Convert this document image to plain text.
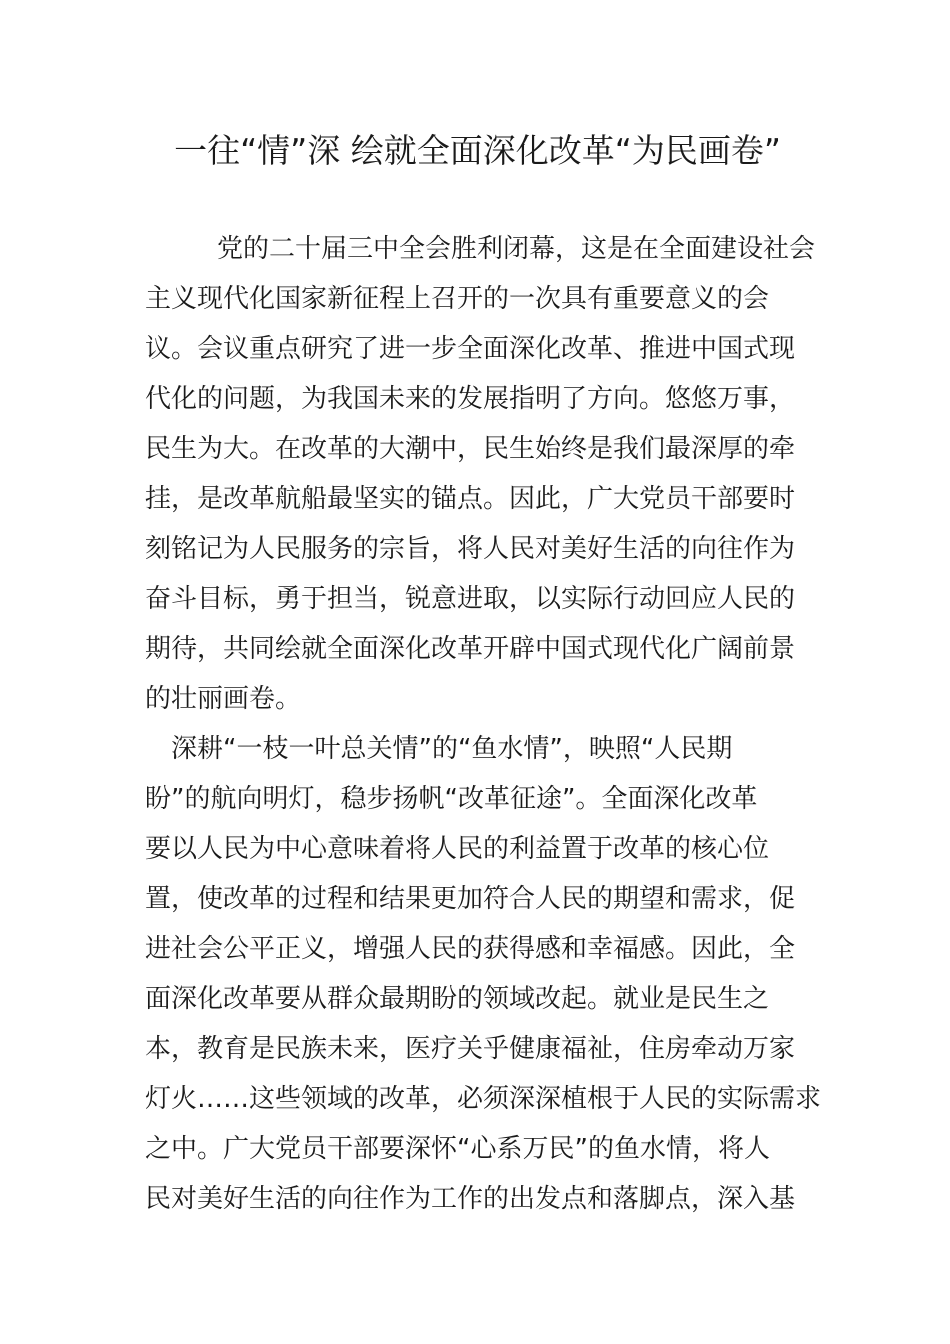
一往“情”深 绘就全面深化改革“为民画卷”

党的二十届三中全会胜利闭幕，这是在全面建设社会

主义现代化国家新征程上召开的一次具有重要意义的会

议。会议重点研究了进一步全面深化改革、推进中国式现

代化的问题，为我国未来的发展指明了方向。悠悠万事，

民生为大。在改革的大潮中，民生始终是我们最深厚的牵

挂，是改革航船最坚实的锚点。因此，广大党员干部要时

刻铭记为人民服务的宗旨，将人民对美好生活的向往作为

奋斗目标，勇于担当，锐意进取，以实际行动回应人民的

期待，共同绘就全面深化改革开辟中国式现代化广阔前景

的壮丽画卷。

深耕“一枝一叶总关情”的“鱼水情”，映照“人民期

盼”的航向明灯，稳步扬帆“改革征途”。全面深化改革

要以人民为中心意味着将人民的利益置于改革的核心位

置，使改革的过程和结果更加符合人民的期望和需求，促

进社会公平正义，增强人民的获得感和幸福感。因此，全

面深化改革要从群众最期盼的领域改起。就业是民生之

本，教育是民族未来，医疗关乎健康福祉，住房牵动万家

灯火……这些领域的改革，必须深深植根于人民的实际需求

之中。广大党员干部要深怀“心系万民”的鱼水情，将人

民对美好生活的向往作为工作的出发点和落脚点，深入基
